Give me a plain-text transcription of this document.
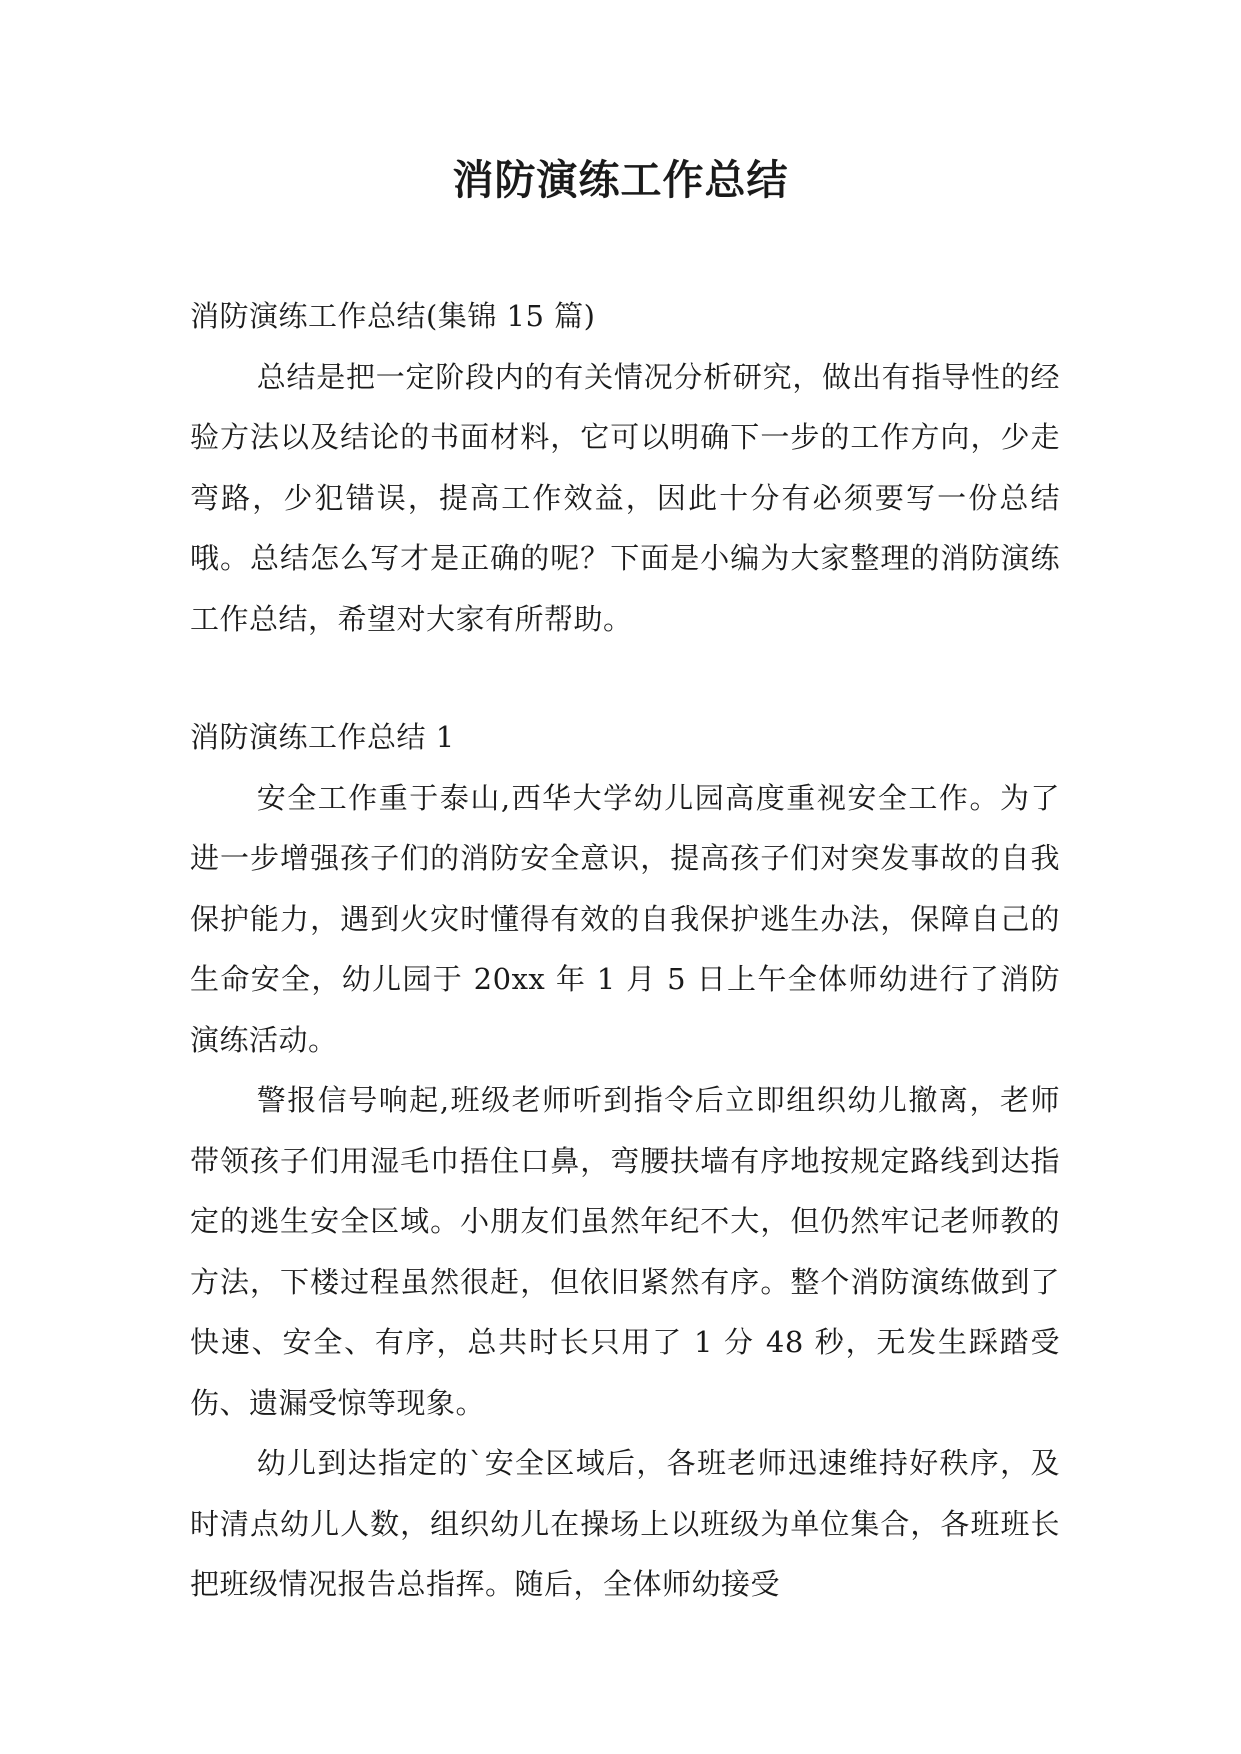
消防演练工作总结

消防演练工作总结(集锦 15 篇)

总结是把一定阶段内的有关情况分析研究，做出有指导性的经验方法以及结论的书面材料，它可以明确下一步的工作方向，少走弯路，少犯错误，提高工作效益，因此十分有必须要写一份总结哦。总结怎么写才是正确的呢？下面是小编为大家整理的消防演练工作总结，希望对大家有所帮助。

消防演练工作总结 1

安全工作重于泰山,西华大学幼儿园高度重视安全工作。为了进一步增强孩子们的消防安全意识，提高孩子们对突发事故的自我保护能力，遇到火灾时懂得有效的自我保护逃生办法，保障自己的生命安全，幼儿园于 20xx 年 1 月 5 日上午全体师幼进行了消防演练活动。

警报信号响起,班级老师听到指令后立即组织幼儿撤离，老师带领孩子们用湿毛巾捂住口鼻，弯腰扶墙有序地按规定路线到达指定的逃生安全区域。小朋友们虽然年纪不大，但仍然牢记老师教的方法，下楼过程虽然很赶，但依旧紧然有序。整个消防演练做到了快速、安全、有序，总共时长只用了 1 分 48 秒，无发生踩踏受伤、遗漏受惊等现象。

幼儿到达指定的`安全区域后，各班老师迅速维持好秩序，及时清点幼儿人数，组织幼儿在操场上以班级为单位集合，各班班长把班级情况报告总指挥。随后，全体师幼接受
